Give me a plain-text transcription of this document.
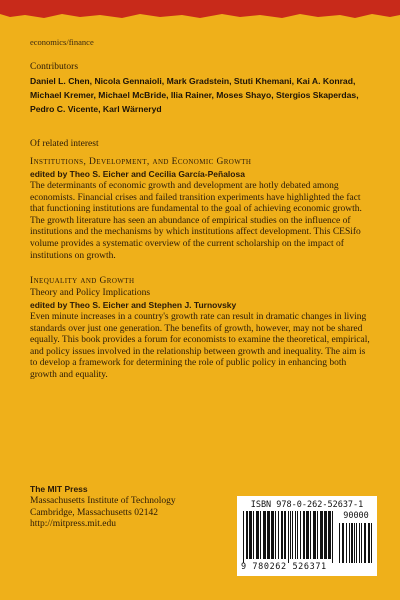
economics/finance
Contributors
Daniel L. Chen, Nicola Gennaioli, Mark Gradstein, Stuti Khemani, Kai A. Konrad, Michael Kremer, Michael McBride, Ilia Rainer, Moses Shayo, Stergios Skaperdas, Pedro C. Vicente, Karl Wärneryd
Of related interest
Institutions, Development, and Economic Growth
edited by Theo S. Eicher and Cecilia García-Peñalosa
The determinants of economic growth and development are hotly debated among economists. Financial crises and failed transition experiments have highlighted the fact that functioning institutions are fundamental to the goal of achieving economic growth. The growth literature has seen an abundance of empirical studies on the influence of institutions and the mechanisms by which institutions affect development. This CESifo volume provides a systematic overview of the current scholarship on the impact of institutions on growth.
Inequality and Growth
Theory and Policy Implications
edited by Theo S. Eicher and Stephen J. Turnovsky
Even minute increases in a country's growth rate can result in dramatic changes in living standards over just one generation. The benefits of growth, however, may not be shared equally. This book provides a forum for economists to examine the theoretical, empirical, and policy issues involved in the relationship between growth and inequality. The aim is to develop a framework for determining the role of public policy in enhancing both growth and equality.
The MIT Press
Massachusetts Institute of Technology
Cambridge, Massachusetts 02142
http://mitpress.mit.edu
ISBN 978-0-262-52637-1
9 780262 526371
90000
